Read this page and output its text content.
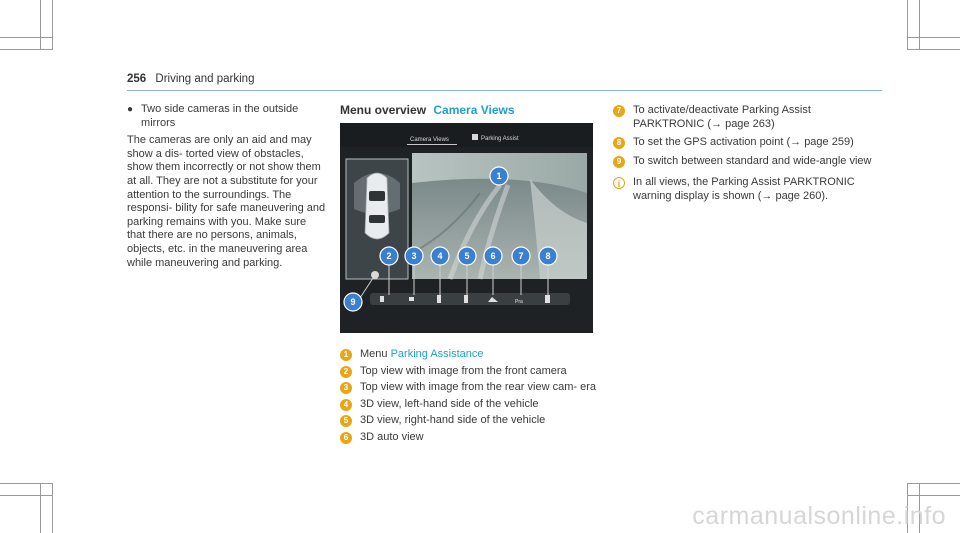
256 Driving and parking
● Two side cameras in the outside mirrors

The cameras are only an aid and may show a dis- torted view of obstacles, show them incorrectly or not show them at all. They are not a substitute for your attention to the surroundings. The responsi- bility for safe maneuvering and parking remains with you. Make sure that there are no persons, animals, objects, etc. in the maneuvering area while maneuvering and parking.

Menu overview Camera Views
Camera Views	Parking Assist
Pra
1
2 3 4 5 6	7 8
9
1	Menu Parking Assistance
2	Top view with image from the front camera
3	Top view with image from the rear view cam- era
4	3D view, left-hand side of the vehicle
5	3D view, right-hand side of the vehicle
6	3D auto view
7	To activate/deactivate Parking Assist PARKTRONIC (→ page 263)
8	To set the GPS activation point (→ page 259)
9	To switch between standard and wide-angle view
i	In all views, the Parking Assist PARKTRONIC warning display is shown (→ page 260).
carmanualsonline.info
